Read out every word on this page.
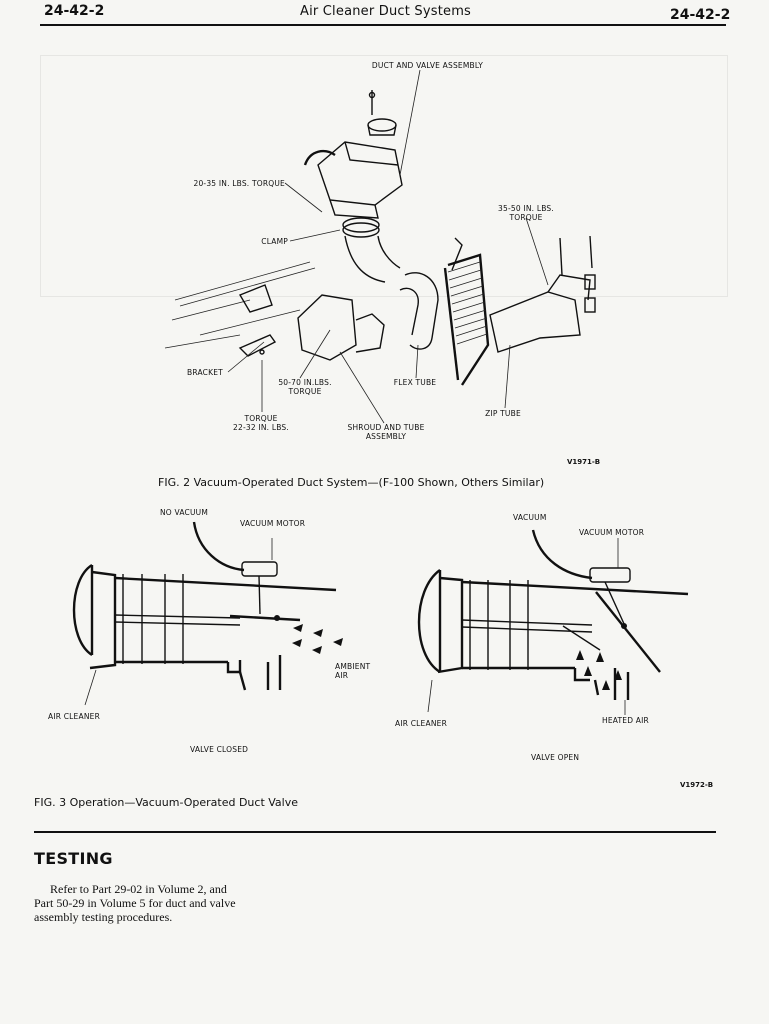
24-42-2	Air Cleaner Duct Systems	24-42-2
DUCT AND VALVE ASSEMBLY
20-35 IN. LBS. TORQUE
35-50 IN. LBS.
TORQUE
CLAMP
BRACKET
50-70 IN.LBS.
TORQUE
FLEX TUBE
TORQUE
22-32 IN. LBS.	SHROUD AND TUBE
ASSEMBLY
ZIP TUBE
V1971-B
FIG. 2 Vacuum-Operated Duct System—(F-100 Shown, Others Similar)
NO VACUUM
VACUUM MOTOR
AMBIENT
AIR
AIR CLEANER
VALVE CLOSED
VACUUM
VACUUM MOTOR
HEATED AIR
AIR CLEANER
VALVE OPEN
V1972-B
FIG. 3 Operation—Vacuum-Operated Duct Valve
TESTING
Refer to Part 29-02 in Volume 2, and Part 50-29 in Volume 5 for duct and valve assembly testing procedures.
